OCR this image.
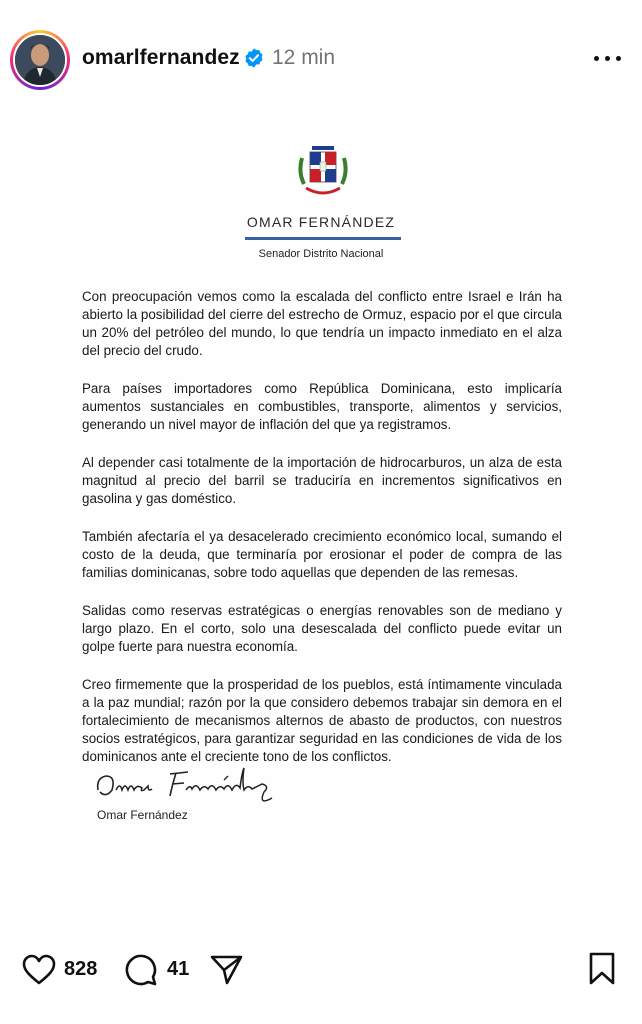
omarlfernandez 12 min
OMAR FERNÁNDEZ
Senador Distrito Nacional

Con preocupación vemos como la escalada del conflicto entre Israel e Irán ha abierto la posibilidad del cierre del estrecho de Ormuz, espacio por el que circula un 20% del petróleo del mundo, lo que tendría un impacto inmediato en el alza del precio del crudo.

Para países importadores como República Dominicana, esto implicaría aumentos sustanciales en combustibles, transporte, alimentos y servicios, generando un nivel mayor de inflación del que ya registramos.

Al depender casi totalmente de la importación de hidrocarburos, un alza de esta magnitud al precio del barril se traduciría en incrementos significativos en gasolina y gas doméstico.

También afectaría el ya desacelerado crecimiento económico local, sumando el costo de la deuda, que terminaría por erosionar el poder de compra de las familias dominicanas, sobre todo aquellas que dependen de las remesas.

Salidas como reservas estratégicas o energías renovables son de mediano y largo plazo. En el corto, solo una desescalada del conflicto puede evitar un golpe fuerte para nuestra economía.

Creo firmemente que la prosperidad de los pueblos, está íntimamente vinculada a la paz mundial; razón por la que considero debemos trabajar sin demora en el fortalecimiento de mecanismos alternos de abasto de productos, con nuestros socios estratégicos, para garantizar seguridad en las condiciones de vida de los dominicanos ante el creciente tono de los conflictos.

Omar Fernández
828	41
